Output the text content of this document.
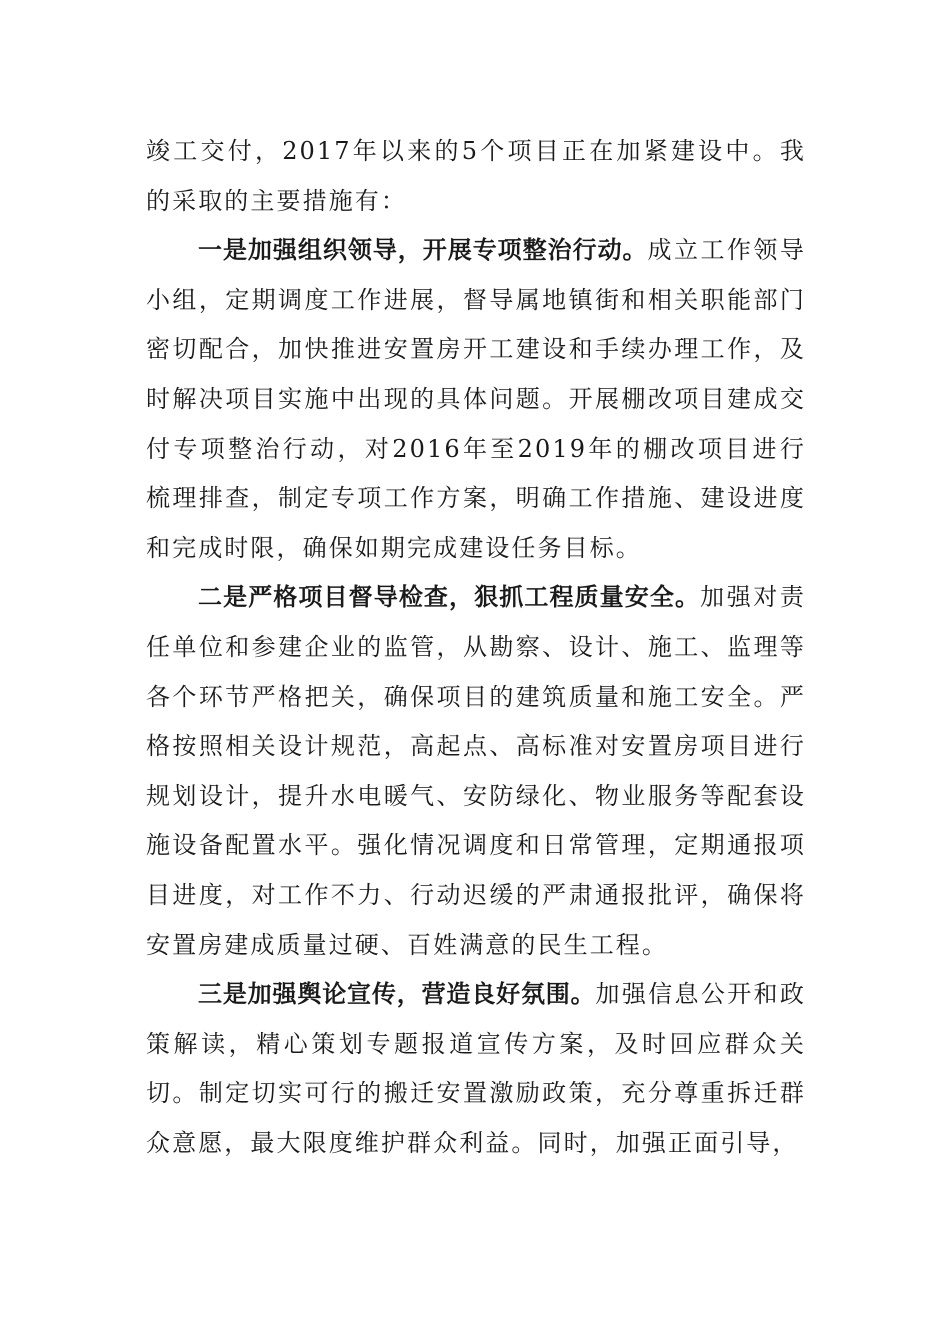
竣工交付，2017年以来的5个项目正在加紧建设中。我的采取的主要措施有：

一是加强组织领导，开展专项整治行动。成立工作领导小组，定期调度工作进展，督导属地镇街和相关职能部门密切配合，加快推进安置房开工建设和手续办理工作，及时解决项目实施中出现的具体问题。开展棚改项目建成交付专项整治行动，对2016年至2019年的棚改项目进行梳理排查，制定专项工作方案，明确工作措施、建设进度和完成时限，确保如期完成建设任务目标。

二是严格项目督导检查，狠抓工程质量安全。加强对责任单位和参建企业的监管，从勘察、设计、施工、监理等各个环节严格把关，确保项目的建筑质量和施工安全。严格按照相关设计规范，高起点、高标准对安置房项目进行规划设计，提升水电暖气、安防绿化、物业服务等配套设施设备配置水平。强化情况调度和日常管理，定期通报项目进度，对工作不力、行动迟缓的严肃通报批评，确保将安置房建成质量过硬、百姓满意的民生工程。

三是加强舆论宣传，营造良好氛围。加强信息公开和政策解读，精心策划专题报道宣传方案，及时回应群众关切。制定切实可行的搬迁安置激励政策，充分尊重拆迁群众意愿，最大限度维护群众利益。同时，加强正面引导，
